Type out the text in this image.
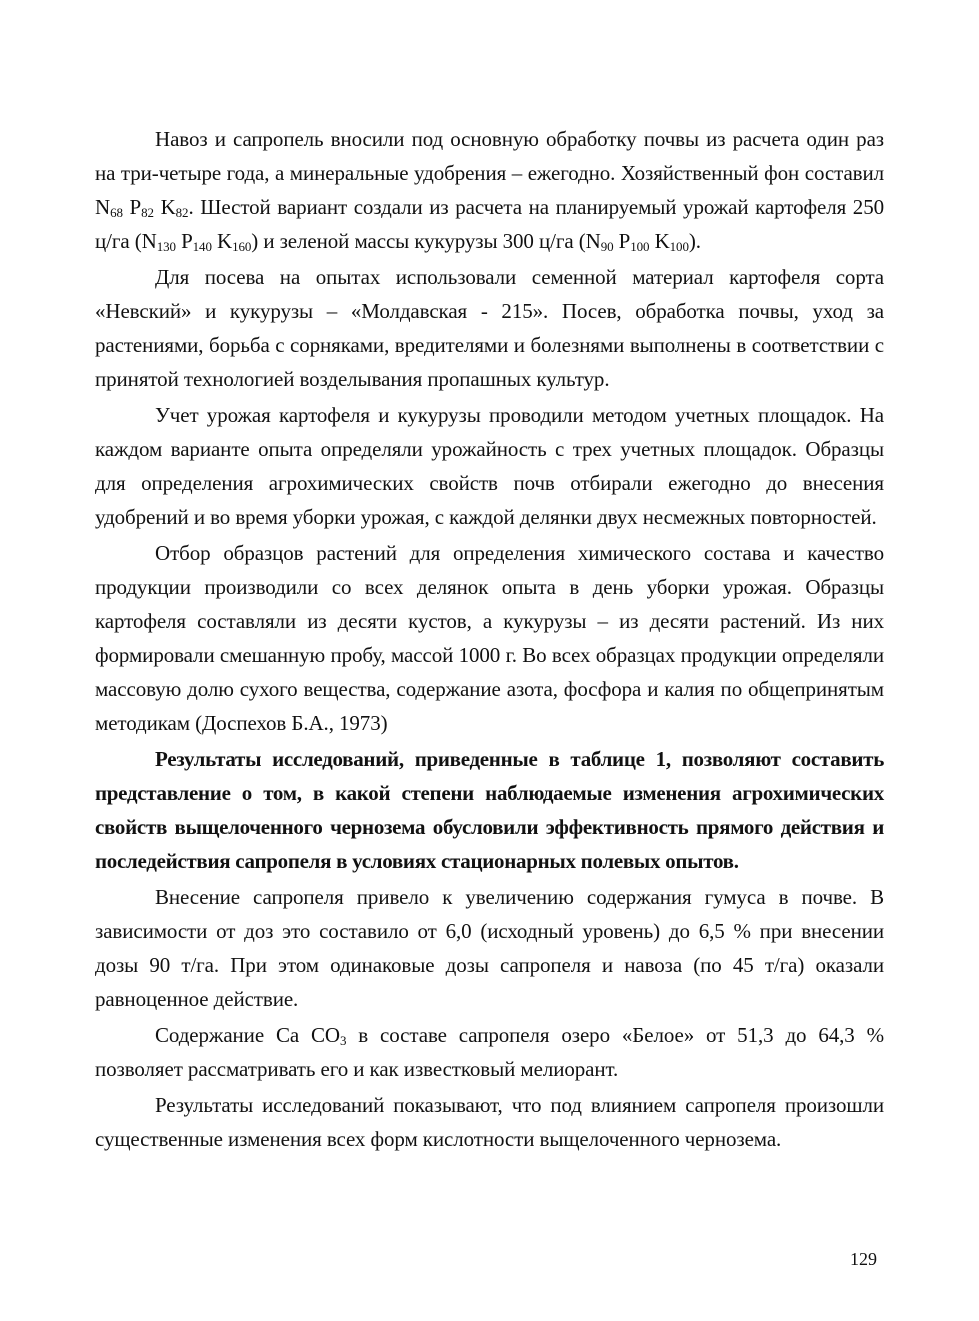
Навоз и сапропель вносили под основную обработку почвы из расчета один раз на три-четыре года, а минеральные удобрения – ежегодно. Хозяйственный фон составил $N_{68}$ $P_{82}$ $K_{82}$. Шестой вариант создали из расчета на планируемый урожай картофеля 250 ц/га ($N_{130}$ $P_{140}$ $K_{160}$) и зеленой массы кукурузы 300 ц/га ($N_{90}$ $P_{100}$ $K_{100}$).

Для посева на опытах использовали семенной материал картофеля сорта «Невский» и кукурузы – «Молдавская - 215». Посев, обработка почвы, уход за растениями, борьба с сорняками, вредителями и болезнями выполнены в соответствии с принятой технологией возделывания пропашных культур.

Учет урожая картофеля и кукурузы проводили методом учетных площадок. На каждом варианте опыта определяли урожайность с трех учетных площадок. Образцы для определения агрохимических свойств почв отбирали ежегодно до внесения удобрений и во время уборки урожая, с каждой делянки двух несмежных повторностей.

Отбор образцов растений для определения химического состава и качество продукции производили со всех делянок опыта в день уборки урожая. Образцы картофеля составляли из десяти кустов, а кукурузы – из десяти растений. Из них формировали смешанную пробу, массой 1000 г. Во всех образцах продукции определяли массовую долю сухого вещества, содержание азота, фосфора и калия по общепринятым методикам (Доспехов Б.А., 1973)

Результаты исследований, приведенные в таблице 1, позволяют составить представление о том, в какой степени наблюдаемые изменения агрохимических свойств выщелоченного чернозема обусловили эффективность прямого действия и последействия сапропеля в условиях стационарных полевых опытов.

Внесение сапропеля привело к увеличению содержания гумуса в почве. В зависимости от доз это составило от 6,0 (исходный уровень) до 6,5 % при внесении дозы 90 т/га. При этом одинаковые дозы сапропеля и навоза (по 45 т/га) оказали равноценное действие.

Содержание Ca $CO_3$ в составе сапропеля озеро «Белое» от 51,3 до 64,3 % позволяет рассматривать его и как известковый мелиорант.

Результаты исследований показывают, что под влиянием сапропеля произошли существенные изменения всех форм кислотности выщелоченного чернозема.

129
